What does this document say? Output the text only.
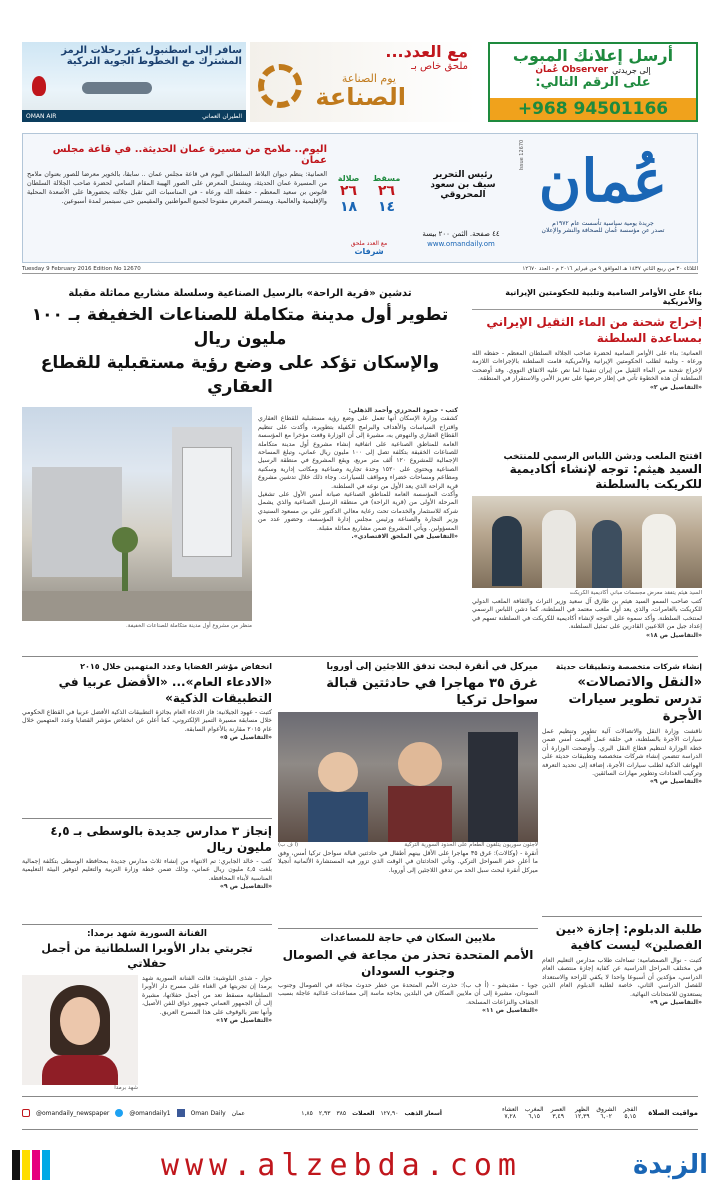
أرسل إعلانك المبوب
إلى جريدتي
Observer عُمان
على الرقم التالي:
+968 94501166
مع العدد...
ملحق خاص بـ
يوم الصناعة
الصناعة
سافر إلى اسطنبول عبر رحلات الرمز
المشترك مع الخطوط الجوية التركية
الطيران العماني
OMAN AIR
عُمان
جريدة يومية سياسية تأسست عام ١٩٧٢م
تصدر عن مؤسسة عُمان للصحافة والنشر والإعلان
Issue 12670
رئيس التحرير
سيف بن سعود المحروقي
٤٤ صفحة. الثمن ٢٠٠ بيسة
www.omandaily.om
مسقط
٢٦
١٤
صلالة
٢٦
١٨
مع العدد ملحق
شرفات
اليوم.. ملامح من مسيرة عمان الحديثة.. في قاعة مجلس عمان
العمانية: ينظم ديوان البلاط السلطاني اليوم في قاعة مجلس عمان .. سابقا، بالخوير معرضا للصور بعنوان ملامح من المسيرة عمان الحديثة، ويشتمل المعرض على الصور الهيبة المقام السامي لحضرة صاحب الجلالة السلطان قابوس بن سعيد المعظم - حفظه الله ورعاه - في المناسبات التي تقبل جلالته بحضورها على الأصعدة المحلية والإقليمية والعالمية. ويستمر المعرض مفتوحا لجميع المواطنين والمقيمين حتى سبتمبر لمدة أسبوعين.
الثلاثاء ٣٠ من ربيع الثاني ١٤٣٧ هـ الموافق ٩ من فبراير ٢٠١٦ م - العدد ١٢٦٧٠
Tuesday 9 February 2016 Edition No 12670
بناء على الأوامر السامية وتلبية للحكومتين الإيرانية والأمريكية
إخراج شحنة من الماء الثقيل الإيراني بمساعدة السلطنة
العمانية: بناء على الأوامر السامية لحضرة صاحب الجلالة السلطان المعظم - حفظه الله ورعاه - وتلبية لطلب الحكومتين الإيرانية والأمريكية قامت السلطنة بالإجراءات اللازمة لإخراج شحنة من الماء الثقيل من إيران تنفيذا لما نص عليه الاتفاق النووي. وقد أوضحت السلطنة أن هذه الخطوة تأتي في إطار حرصها على تعزيز الأمن والاستقرار في المنطقة.
«التفاصيل ص ٢»
افتتح الملعب ودشن اللباس الرسمي للمنتخب
السيد هيثم: توجه لإنشاء أكاديمية للكريكت بالسلطنة
السيد هيثم يتفقد معرض مجسمات مباني أكاديمية الكريكت
كتب صاحب السمو السيد هيثم بن طارق آل سعيد وزير التراث والثقافة الملعب الدولي للكريكت بالعامرات، والذي يعد أول ملعب معتمد في السلطنة، كما دشن اللباس الرسمي لمنتخب السلطنة. وأكد سموه على التوجه لإنشاء أكاديمية للكريكت في السلطنة تسهم في إعداد جيل من اللاعبين القادرين على تمثيل السلطنة.
«التفاصيل ص ١٨»
تدشين «قرية الراحة» بالرسيل الصناعية وسلسلة مشاريع مماثلة مقبلة
تطوير أول مدينة متكاملة للصناعات الخفيفة بـ ١٠٠ مليون ريال
والإسكان تؤكد على وضع رؤية مستقبلية للقطاع العقاري
كتب - حمود المحرزي وأحمد الذهلي:
كشفت وزارة الإسكان أنها تعمل على وضع رؤية مستقبلية للقطاع العقاري واقتراح السياسات والأهداف والبرامج الكفيلة بتطويره، وأكدت على تنظيم القطاع العقاري والنهوض به، مشيرة إلى أن الوزارة وقعت مؤخرا مع المؤسسة العامة للمناطق الصناعية على اتفاقية إنشاء مشروع أول مدينة متكاملة للصناعات الخفيفة بتكلفة تصل إلى ١٠٠ مليون ريال عماني، وتبلغ المساحة الإجمالية للمشروع ١٢٠ ألف متر مربع، ويقع المشروع في منطقة الرسيل الصناعية ويحتوي على ١٥٢٠ وحدة تجارية وصناعية ومكاتب إدارية وسكنية ومطاعم ومساحات خضراء ومواقف للسيارات. وجاء ذلك خلال تدشين مشروع قرية الراحة الذي يعد الأول من نوعه في السلطنة.
وأكدت المؤسسة العامة للمناطق الصناعية صيانة أمس الأول على تشغيل المرحلة الأولى من (قرية الراحة) في منطقة الرسيل الصناعية والذي يشمل شركة للاستثمار والخدمات تحت رعاية معالي الدكتور علي بن مسعود السنيدي وزير التجارة والصناعة ورئيس مجلس إدارة المؤسسة، وحضور عدد من المسؤولين. ويأتي المشروع ضمن مشاريع مماثلة مقبلة.
«التفاصيل في الملحق الاقتصادي».
منظر من مشروع أول مدينة متكاملة للصناعات الخفيفة.
إنشاء شركات متخصصة وتطبيقات حديثة
«النقل والاتصالات» تدرس تطوير سيارات الأجرة
ناقشت وزارة النقل والاتصالات آلية تطوير وتنظيم عمل سيارات الأجرة بالسلطنة، في حلقة عمل أقيمت أمس ضمن خطة الوزارة لتنظيم قطاع النقل البري. وأوضحت الوزارة أن الدراسة تتضمن إنشاء شركات متخصصة وتطبيقات حديثة على الهواتف الذكية لطلب سيارات الأجرة، إضافة إلى تحديد التعرفة وتركيب العدادات وتطوير مهارات السائقين.
«التفاصيل ص ٩»
طلبة الدبلوم: إجازة «بين الفصلين» ليست كافية
كتبت - نوال الصمصامية: تساءلت طلاب مدارس التعليم العام في مختلف المراحل الدراسية عن كفاية إجازة منتصف العام الدراسي، مؤكدين أن أسبوعا واحدا لا يكفي للراحة والاستعداد للفصل الدراسي الثاني، خاصة لطلبة الدبلوم العام الذين يستعدون للامتحانات النهائية.
«التفاصيل ص ٩»
ميركل في أنقرة لبحث تدفق اللاجئين إلى أوروبا
غرق ٣٥ مهاجرا في حادثتين قبالة سواحل تركيا
لاجئون سوريون يتلقون الطعام على الحدود السورية التركية
(أ ف ب)
أنقرة - (وكالات): غرق ٣٥ مهاجرا على الأقل بينهم أطفال في حادثتين قبالة سواحل تركيا أمس، وفق ما أعلن خفر السواحل التركي. وتأتي الحادثتان في الوقت الذي تزور فيه المستشارة الألمانية أنجيلا ميركل أنقرة لبحث سبل الحد من تدفق اللاجئين إلى أوروبا.
ملايين السكان في حاجة للمساعدات
الأمم المتحدة تحذر من مجاعة في الصومال وجنوب السودان
جوبا - مقديشو - (أ ف ب): حذرت الأمم المتحدة من خطر حدوث مجاعة في الصومال وجنوب السودان، مشيرة إلى أن ملايين السكان في البلدين بحاجة ماسة إلى مساعدات غذائية عاجلة بسبب الجفاف والنزاعات المسلحة.
«التفاصيل ص ١١»
انخفاض مؤشر القضايا وعدد المتهمين خلال ٢٠١٥
«الادعاء العام»... «الأفضل عربيا في التطبيقات الذكية»
كتبت - عهود الجيلانية: فاز الادعاء العام بجائزة التطبيقات الذكية الأفضل عربيا في القطاع الحكومي خلال مسابقة مسيرة التميز الإلكتروني، كما أعلن عن انخفاض مؤشر القضايا وعدد المتهمين خلال عام ٢٠١٥ مقارنة بالأعوام السابقة.
«التفاصيل ص ٥»
إنجاز ٣ مدارس جديدة بالوسطى بـ ٤,٥ مليون ريال
كتب - خالد الجابري: تم الانتهاء من إنشاء ثلاث مدارس جديدة بمحافظة الوسطى بتكلفة إجمالية بلغت ٤,٥ مليون ريال عماني، وذلك ضمن خطة وزارة التربية والتعليم لتوفير البيئة التعليمية المناسبة لأبناء المحافظة.
«التفاصيل ص ٩»
الفنانة السورية شهد برمدا:
تجربتي بدار الأوبرا السلطانية من أجمل حفلاتي
حوار - شذى البلوشية: قالت الفنانة السورية شهد برمدا إن تجربتها في الغناء على مسرح دار الأوبرا السلطانية مسقط تعد من أجمل حفلاتها، مشيرة إلى أن الجمهور العماني جمهور ذواق للفن الأصيل، وأنها تعتز بالوقوف على هذا المسرح العريق.
«التفاصيل ص ١٧»
شهد برمدا
مواقيت الصلاة
الفجر
الشروق
الظهر
العصر
المغرب
العشاء
٥,١٥
٦,٠٢
١٢,٣٩
٣,٤٩
٦,١٥
٧,٢٨
أسعار الذهب
١٢٧,٩٠
العملات
٣٨٥
٢,٩٣
١,٨٥
@omandaily_newspaper	@omandaily1	Oman Daily عمان
الزبدة
www.alzebda.com
